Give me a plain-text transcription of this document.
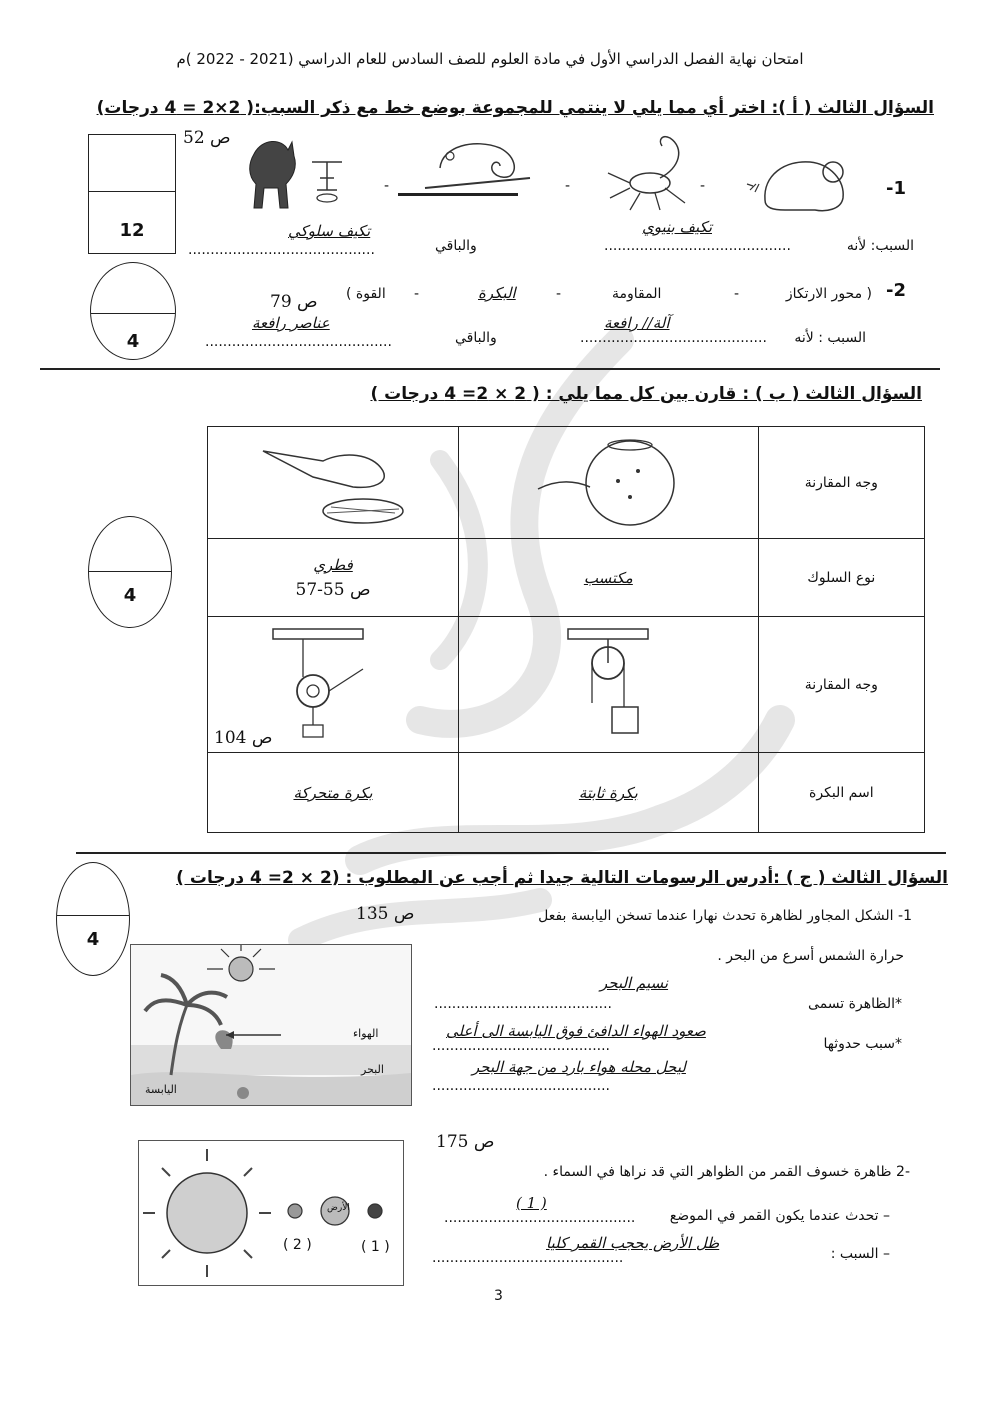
امتحان نهاية الفصل الدراسي الأول في مادة العلوم للصف السادس للعام الدراسي (2021 - 2022 )م
السؤال الثالث ( أ ): اختر أي مما يلي لا ينتمي للمجموعة بوضع خط مع ذكر السبب:( 2×2 = 4 درجات)
12
ص 52
-1
-
-
-
تكيف بنيوي
تكيف سلوكي
السبب: لأنه
..........................................
والباقي
..........................................
4
-2
( محور الارتكاز
-
المقاومة
-
البكرة
-
القوة )
ص 79
آلة// رافعة
عناصر رافعة
السبب : لأنه
..........................................
والباقي
..........................................
السؤال الثالث ( ب ) : قارن بين كل مما يلي : ( 2 × 2= 4 درجات )
4
وجه المقارنة		
نوع السلوك	مكتسب	فطري
ص 55-57

وجه المقارنة		ص 104

اسم البكرة	بكرة ثابتة	بكرة متحركة
السؤال الثالث ( ج ) :أدرس الرسومات التالية جيدا ثم أجب عن المطلوب : (2 × 2= 4 درجات )
4
1- الشكل المجاور لظاهرة تحدث نهارا عندما تسخن اليابسة بفعل
ص 135
حرارة الشمس أسرع من البحر .
نسيم البحر
*الظاهرة تسمى
........................................
صعود الهواء الدافئ فوق اليابسة الى أعلى
*سبب حدوثها
........................................
ليحل محله هواء بارد من جهة البحر
........................................
الهواء
البحر
اليابسة
ص 175
-2 ظاهرة خسوف القمر من الظواهر التي قد نراها في السماء .
( 1 )
– تحدث عندما يكون القمر في الموضع
...........................................
ظل الأرض يحجب القمر كليا
– السبب :
...........................................
الأرض
( 2 )	( 1 )
3
